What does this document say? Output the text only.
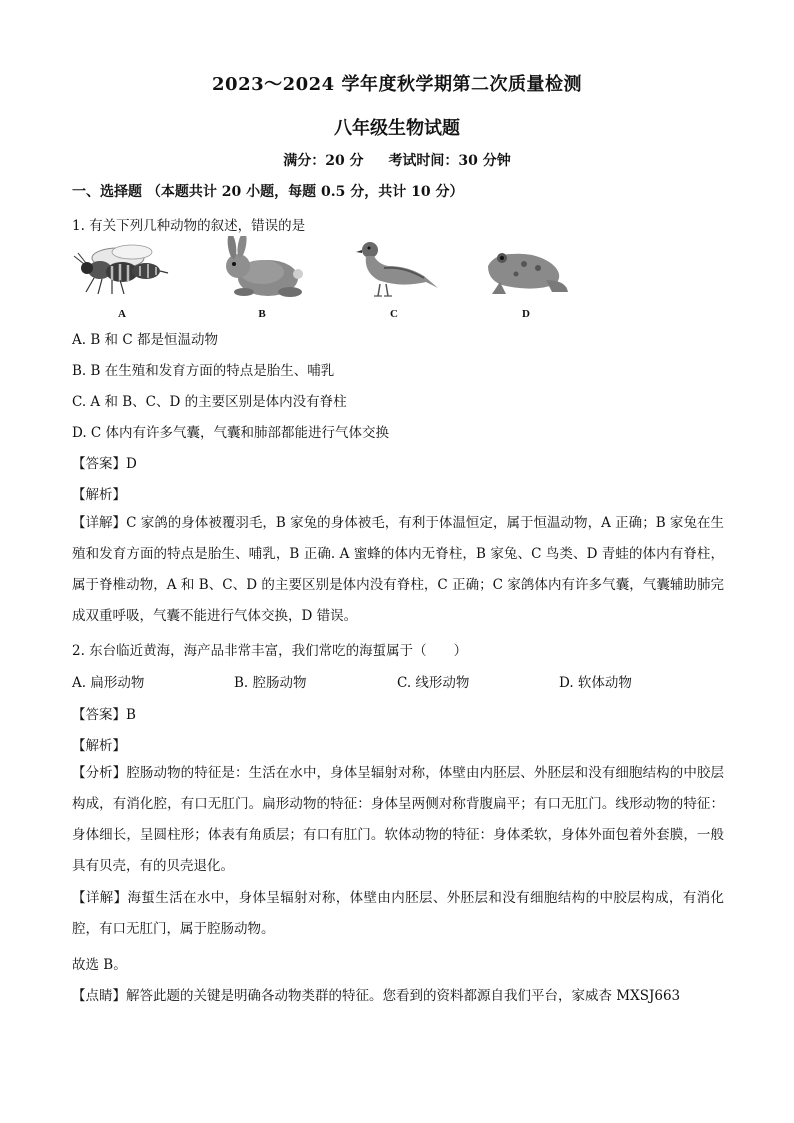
2023～2024 学年度秋学期第二次质量检测
八年级生物试题
满分：20 分 考试时间：30 分钟
一、选择题 （本题共计 20 小题，每题 0.5 分，共计 10 分）
1. 有关下列几种动物的叙述，错误的是
A	B	C	D
A. B 和 C 都是恒温动物
B. B 在生殖和发育方面的特点是胎生、哺乳
C. A 和 B、C、D 的主要区别是体内没有脊柱
D. C 体内有许多气囊，气囊和肺部都能进行气体交换
【答案】D
【解析】
【详解】C 家鸽的身体被覆羽毛，B 家兔的身体被毛，有利于体温恒定，属于恒温动物，A 正确；B 家兔在生殖和发育方面的特点是胎生、哺乳，B 正确. A 蜜蜂的体内无脊柱，B 家兔、C 鸟类、D 青蛙的体内有脊柱，属于脊椎动物，A 和 B、C、D 的主要区别是体内没有脊柱，C 正确；C 家鸽体内有许多气囊，气囊辅助肺完成双重呼吸，气囊不能进行气体交换，D 错误。
2. 东台临近黄海，海产品非常丰富，我们常吃的海蜇属于（　　）
A. 扁形动物	B. 腔肠动物	C. 线形动物	D. 软体动物
【答案】B
【解析】
【分析】腔肠动物的特征是：生活在水中，身体呈辐射对称，体壁由内胚层、外胚层和没有细胞结构的中胶层构成，有消化腔，有口无肛门。扁形动物的特征：身体呈两侧对称背腹扁平；有口无肛门。线形动物的特征：身体细长，呈圆柱形；体表有角质层；有口有肛门。软体动物的特征：身体柔软，身体外面包着外套膜，一般具有贝壳，有的贝壳退化。
【详解】海蜇生活在水中，身体呈辐射对称，体壁由内胚层、外胚层和没有细胞结构的中胶层构成，有消化腔，有口无肛门，属于腔肠动物。
故选 B。
【点睛】解答此题的关键是明确各动物类群的特征。您看到的资料都源自我们平台，家威杏 MXSJ663
